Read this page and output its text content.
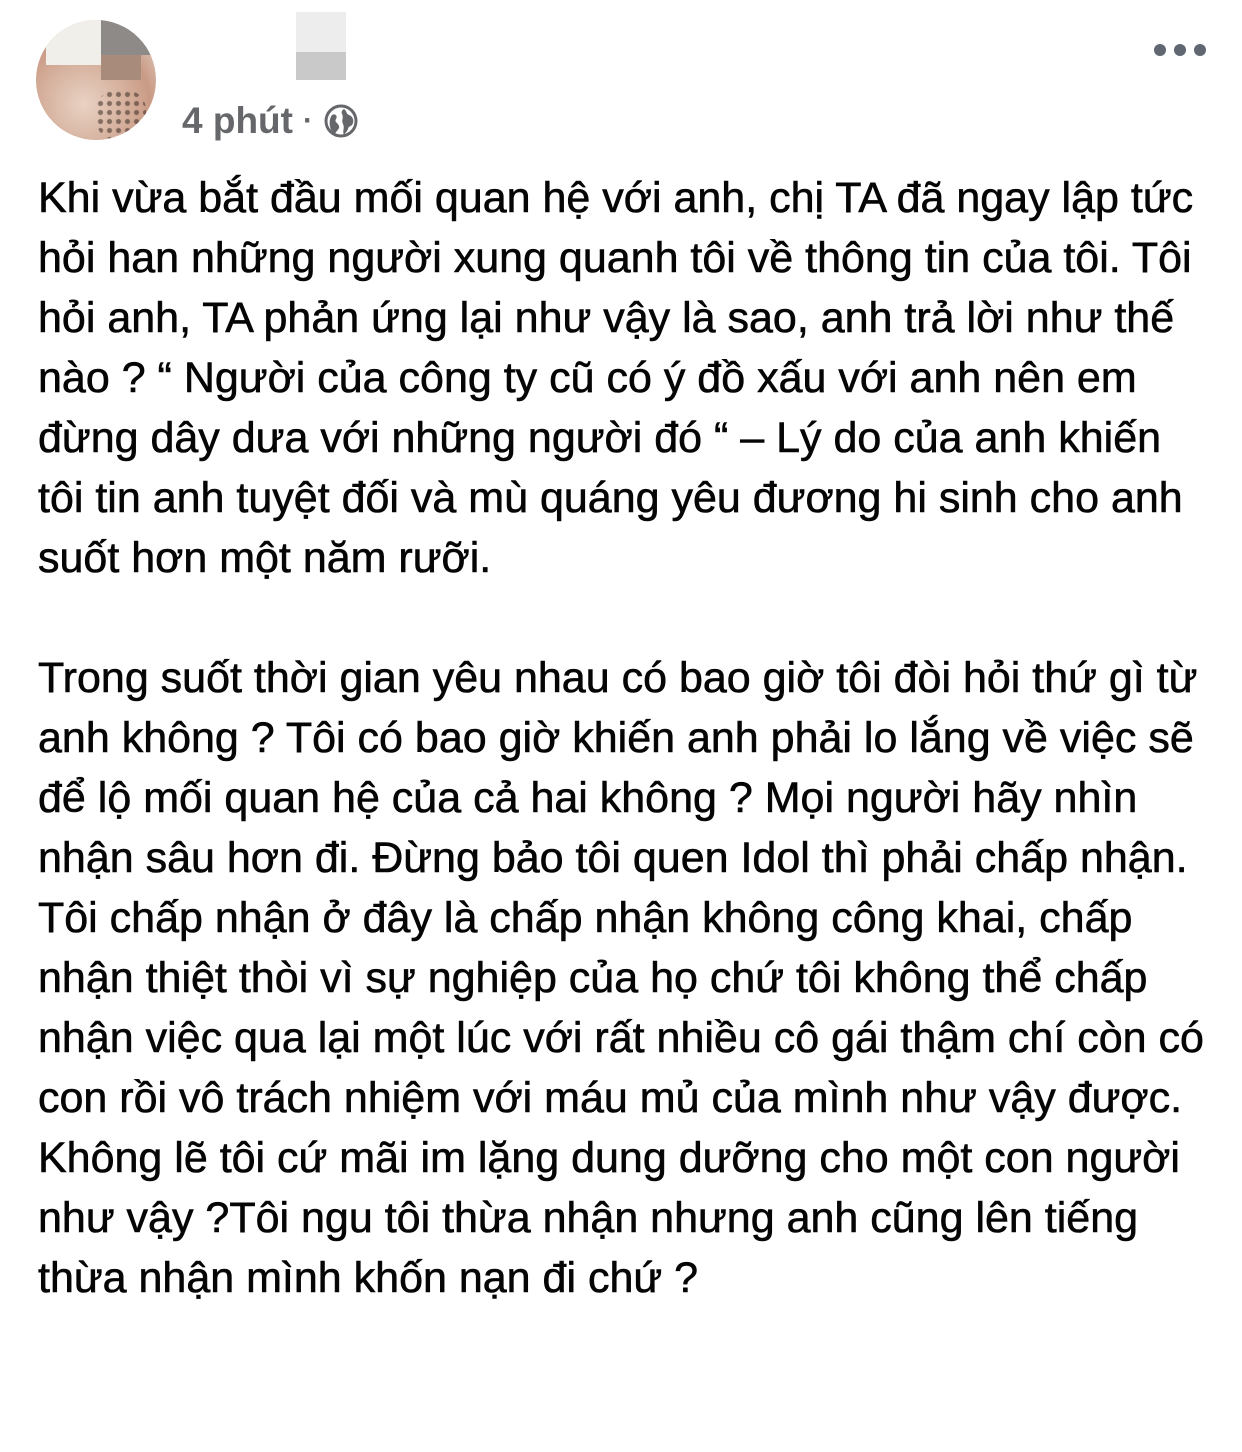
4 phút ·

Khi vừa bắt đầu mối quan hệ với anh, chị TA đã ngay lập tức hỏi han những người xung quanh tôi về thông tin của tôi. Tôi hỏi anh, TA phản ứng lại như vậy là sao, anh trả lời như thế nào ? “ Người của công ty cũ có ý đồ xấu với anh nên em đừng dây dưa với những người đó “ – Lý do của anh khiến tôi tin anh tuyệt đối và mù quáng yêu đương hi sinh cho anh suốt hơn một năm rưỡi.

Trong suốt thời gian yêu nhau có bao giờ tôi đòi hỏi thứ gì từ anh không ? Tôi có bao giờ khiến anh phải lo lắng về việc sẽ để lộ mối quan hệ của cả hai không ? Mọi người hãy nhìn nhận sâu hơn đi. Đừng bảo tôi quen Idol thì phải chấp nhận. Tôi chấp nhận ở đây là chấp nhận không công khai, chấp nhận thiệt thòi vì sự nghiệp của họ chứ tôi không thể chấp nhận việc qua lại một lúc với rất nhiều cô gái thậm chí còn có con rồi vô trách nhiệm với máu mủ của mình như vậy được. Không lẽ tôi cứ mãi im lặng dung dưỡng cho một con người như vậy ?Tôi ngu tôi thừa nhận nhưng anh cũng lên tiếng thừa nhận mình khốn nạn đi chứ ?
